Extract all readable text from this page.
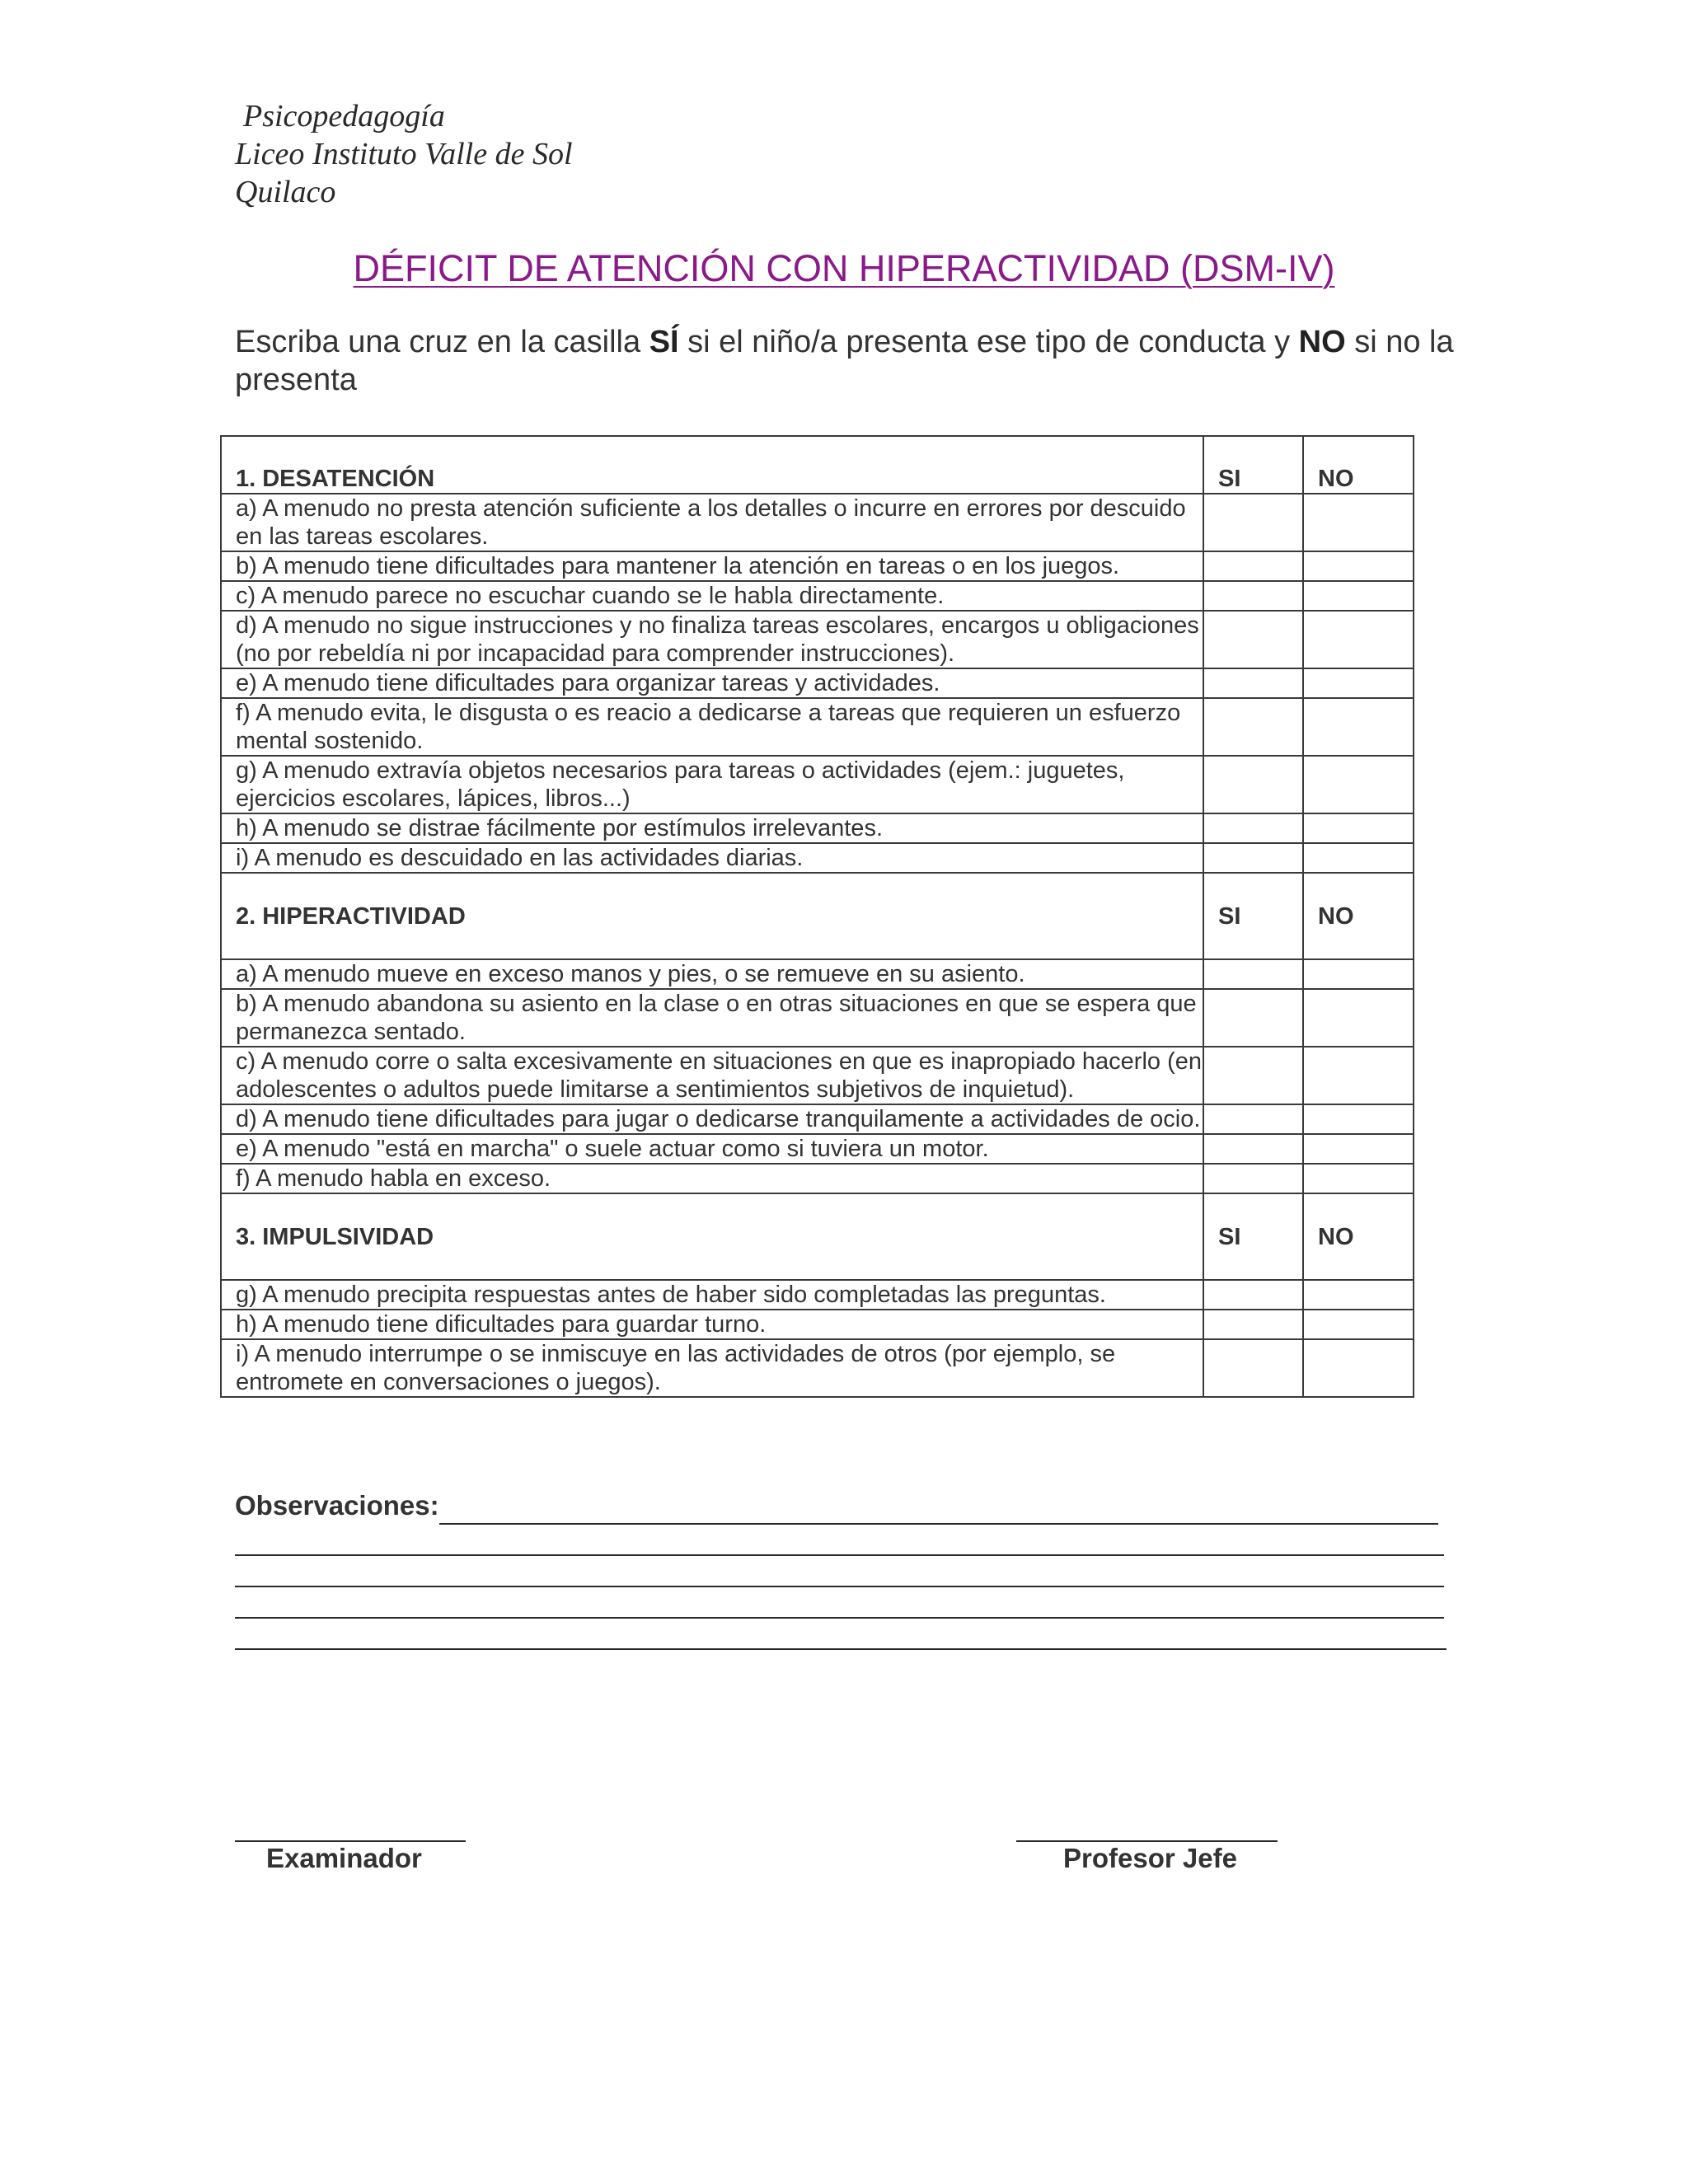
Psicopedagogía
Liceo Instituto Valle de Sol
Quilaco
DÉFICIT DE ATENCIÓN CON HIPERACTIVIDAD (DSM-IV)
Escriba una cruz en la casilla SÍ si el niño/a presenta ese tipo de conducta y NO si no la presenta
1. DESATENCIÓN	SI	NO
a) A menudo no presta atención suficiente a los detalles o incurre en errores por descuido en las tareas escolares.		
b) A menudo tiene dificultades para mantener la atención en tareas o en los juegos.		
c) A menudo parece no escuchar cuando se le habla directamente.		
d) A menudo no sigue instrucciones y no finaliza tareas escolares, encargos u obligaciones (no por rebeldía ni por incapacidad para comprender instrucciones).		
e) A menudo tiene dificultades para organizar tareas y actividades.		
f) A menudo evita, le disgusta o es reacio a dedicarse a tareas que requieren un esfuerzo mental sostenido.		
g) A menudo extravía objetos necesarios para tareas o actividades (ejem.: juguetes, ejercicios escolares, lápices, libros...)		
h) A menudo se distrae fácilmente por estímulos irrelevantes.		
i) A menudo es descuidado en las actividades diarias.		
2. HIPERACTIVIDAD	SI	NO
a) A menudo mueve en exceso manos y pies, o se remueve en su asiento.		
b) A menudo abandona su asiento en la clase o en otras situaciones en que se espera que permanezca sentado.		
c) A menudo corre o salta excesivamente en situaciones en que es inapropiado hacerlo (en adolescentes o adultos puede limitarse a sentimientos subjetivos de inquietud).		
d) A menudo tiene dificultades para jugar o dedicarse tranquilamente a actividades de ocio.		
e) A menudo "está en marcha" o suele actuar como si tuviera un motor.		
f) A menudo habla en exceso.		
3. IMPULSIVIDAD	SI	NO
g) A menudo precipita respuestas antes de haber sido completadas las preguntas.		
h) A menudo tiene dificultades para guardar turno.		
i) A menudo interrumpe o se inmiscuye en las actividades de otros (por ejemplo, se entromete en conversaciones o juegos).		
Observaciones:
Examinador	Profesor Jefe
